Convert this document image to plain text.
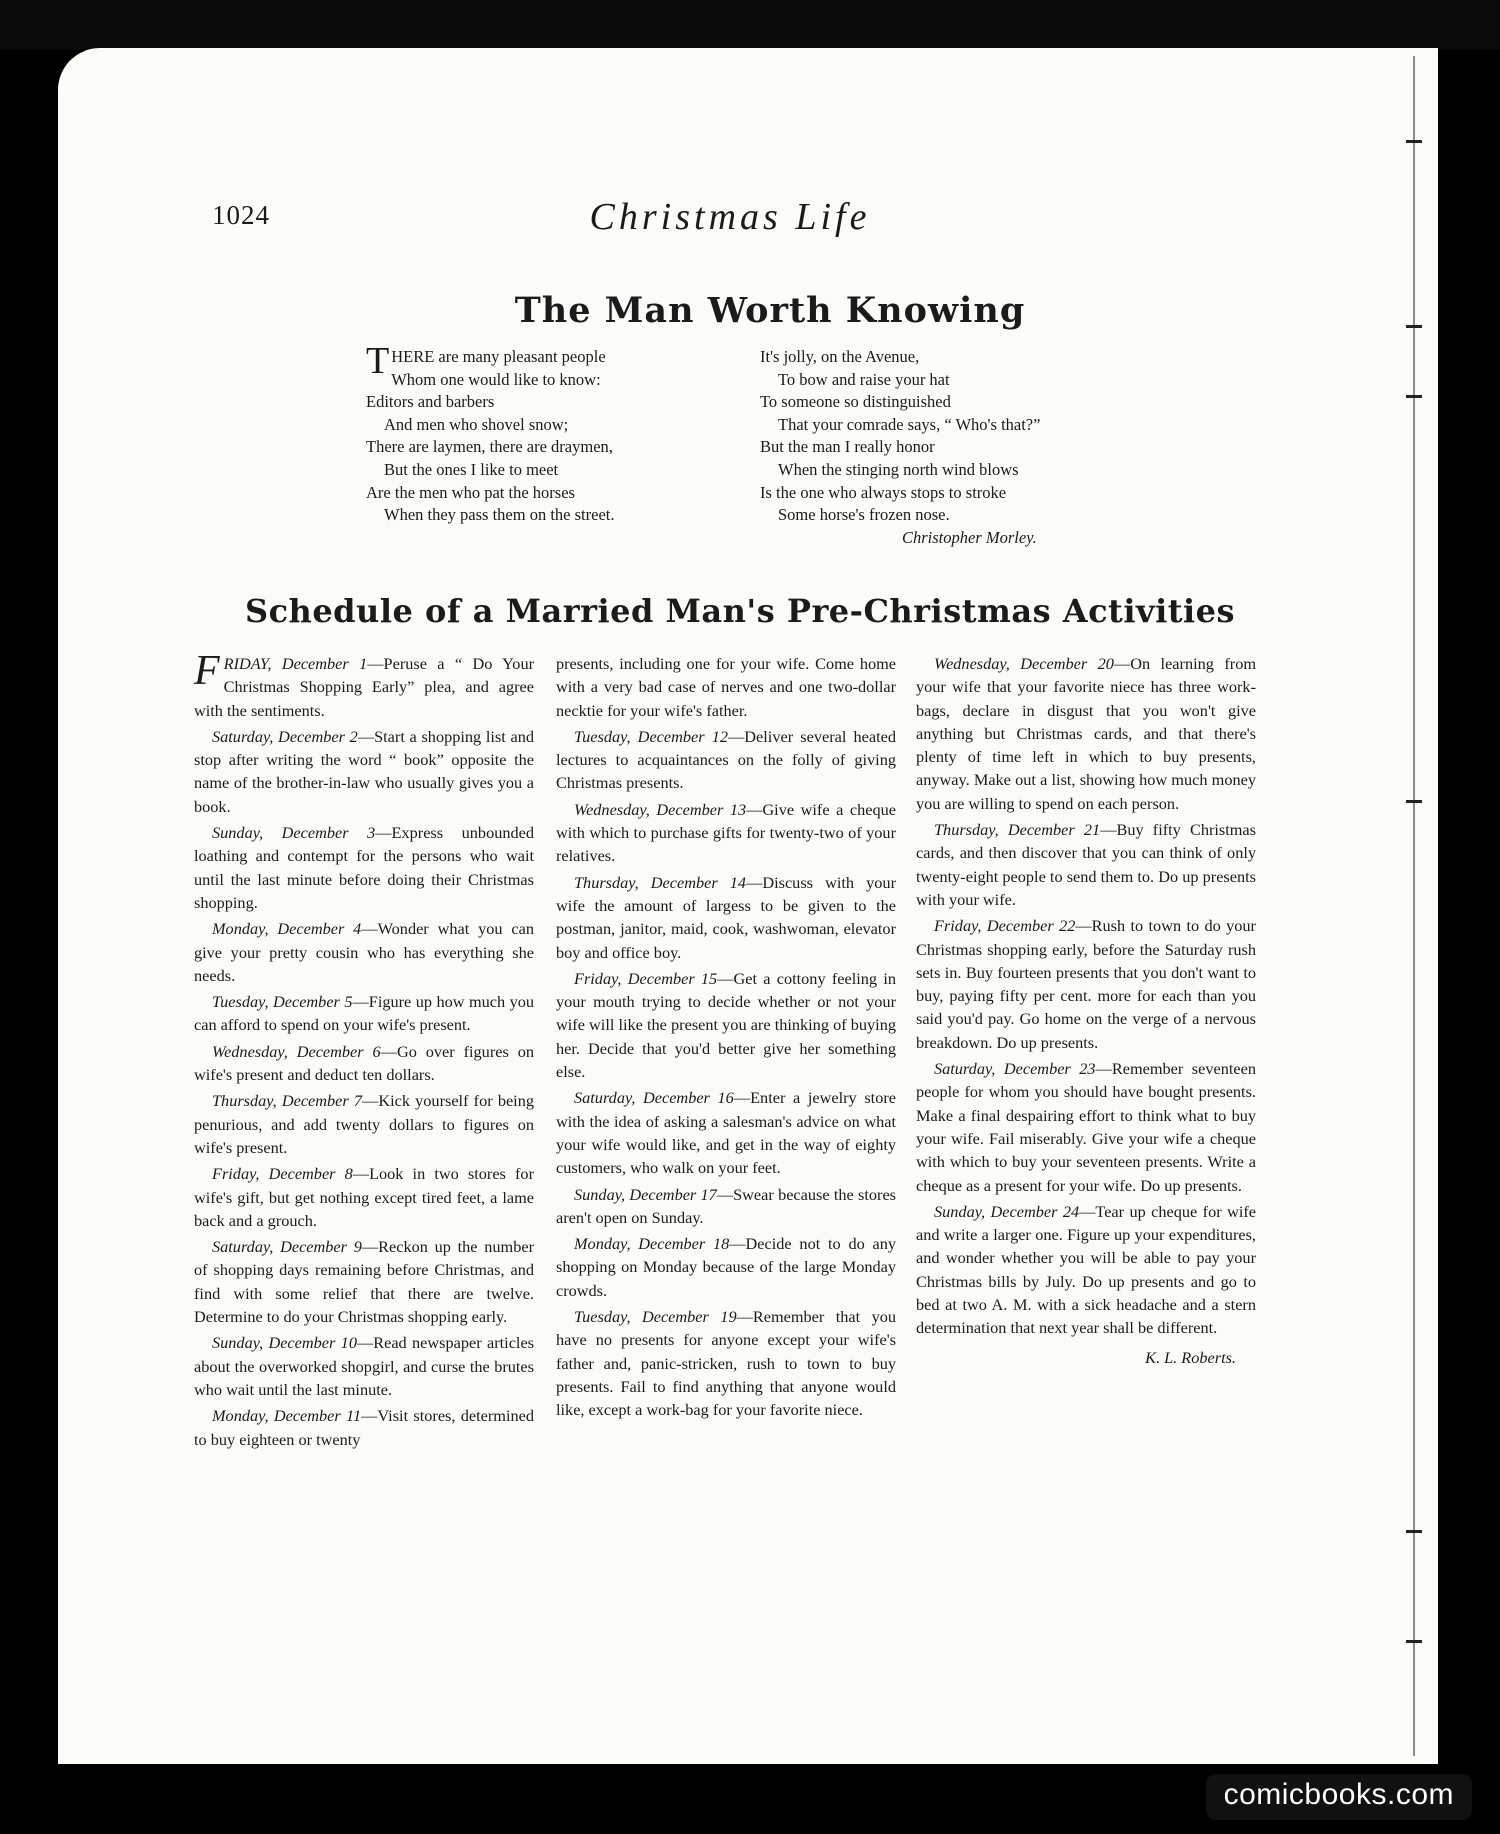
1024	Christmas Life
The Man Worth Knowing
THERE are many pleasant people
Whom one would like to know:
Editors and barbers
And men who shovel snow;
There are laymen, there are draymen,
But the ones I like to meet
Are the men who pat the horses
When they pass them on the street.
It's jolly, on the Avenue,
To bow and raise your hat
To someone so distinguished
That your comrade says, “ Who's that?”
But the man I really honor
When the stinging north wind blows
Is the one who always stops to stroke
Some horse's frozen nose.
Christopher Morley.
Schedule of a Married Man's Pre-Christmas Activities

FRIDAY, December 1—Peruse a “ Do Your Christmas Shopping Early” plea, and agree with the sentiments.

Saturday, December 2—Start a shopping list and stop after writing the word “ book” opposite the name of the brother-in-law who usually gives you a book.

Sunday, December 3—Express unbounded loathing and contempt for the persons who wait until the last minute before doing their Christmas shopping.

Monday, December 4—Wonder what you can give your pretty cousin who has everything she needs.

Tuesday, December 5—Figure up how much you can afford to spend on your wife's present.

Wednesday, December 6—Go over figures on wife's present and deduct ten dollars.

Thursday, December 7—Kick yourself for being penurious, and add twenty dollars to figures on wife's present.

Friday, December 8—Look in two stores for wife's gift, but get nothing except tired feet, a lame back and a grouch.

Saturday, December 9—Reckon up the number of shopping days remaining before Christmas, and find with some relief that there are twelve. Determine to do your Christmas shopping early.

Sunday, December 10—Read newspaper articles about the overworked shopgirl, and curse the brutes who wait until the last minute.

Monday, December 11—Visit stores, determined to buy eighteen or twenty

presents, including one for your wife. Come home with a very bad case of nerves and one two-dollar necktie for your wife's father.

Tuesday, December 12—Deliver several heated lectures to acquaintances on the folly of giving Christmas presents.

Wednesday, December 13—Give wife a cheque with which to purchase gifts for twenty-two of your relatives.

Thursday, December 14—Discuss with your wife the amount of largess to be given to the postman, janitor, maid, cook, washwoman, elevator boy and office boy.

Friday, December 15—Get a cottony feeling in your mouth trying to decide whether or not your wife will like the present you are thinking of buying her. Decide that you'd better give her something else.

Saturday, December 16—Enter a jewelry store with the idea of asking a salesman's advice on what your wife would like, and get in the way of eighty customers, who walk on your feet.

Sunday, December 17—Swear because the stores aren't open on Sunday.

Monday, December 18—Decide not to do any shopping on Monday because of the large Monday crowds.

Tuesday, December 19—Remember that you have no presents for anyone except your wife's father and, panic-stricken, rush to town to buy presents. Fail to find anything that anyone would like, except a work-bag for your favorite niece.

Wednesday, December 20—On learning from your wife that your favorite niece has three work-bags, declare in disgust that you won't give anything but Christmas cards, and that there's plenty of time left in which to buy presents, anyway. Make out a list, showing how much money you are willing to spend on each person.

Thursday, December 21—Buy fifty Christmas cards, and then discover that you can think of only twenty-eight people to send them to. Do up presents with your wife.

Friday, December 22—Rush to town to do your Christmas shopping early, before the Saturday rush sets in. Buy fourteen presents that you don't want to buy, paying fifty per cent. more for each than you said you'd pay. Go home on the verge of a nervous breakdown. Do up presents.

Saturday, December 23—Remember seventeen people for whom you should have bought presents. Make a final despairing effort to think what to buy your wife. Fail miserably. Give your wife a cheque with which to buy your seventeen presents. Write a cheque as a present for your wife. Do up presents.

Sunday, December 24—Tear up cheque for wife and write a larger one. Figure up your expenditures, and wonder whether you will be able to pay your Christmas bills by July. Do up presents and go to bed at two A. M. with a sick headache and a stern determination that next year shall be different.

K. L. Roberts.
comicbooks.com
